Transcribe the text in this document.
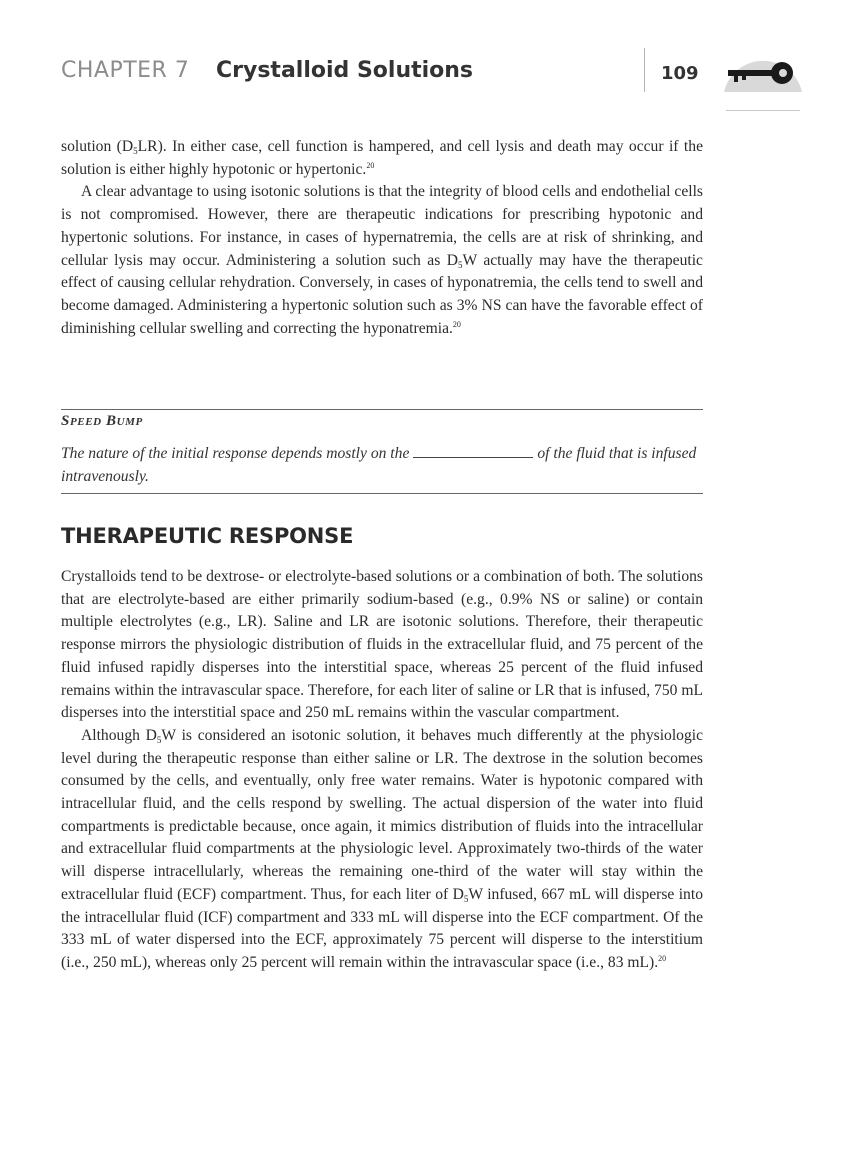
CHAPTER 7 Crystalloid Solutions	109

solution $(D_5LR)$. In either case, cell function is hampered, and cell lysis and death may occur if the solution is either highly hypotonic or hypertonic.$^{20}$

A clear advantage to using isotonic solutions is that the integrity of blood cells and endothelial cells is not compromised. However, there are therapeutic indications for prescribing hypotonic and hypertonic solutions. For instance, in cases of hypernatremia, the cells are at risk of shrinking, and cellular lysis may occur. Administering a solution such as $D_5W$ actually may have the therapeutic effect of causing cellular rehydration. Conversely, in cases of hyponatremia, the cells tend to swell and become damaged. Administering a hypertonic solution such as 3% NS can have the favorable effect of diminishing cellular swelling and correcting the hyponatremia.$^{20}$

Speed Bump
The nature of the initial response depends mostly on the	of the fluid that is infused intravenously.
THERAPEUTIC RESPONSE

Crystalloids tend to be dextrose- or electrolyte-based solutions or a combination of both. The solutions that are electrolyte-based are either primarily sodium-based (e.g., 0.9% NS or saline) or contain multiple electrolytes (e.g., LR). Saline and LR are isotonic solutions. Therefore, their therapeutic response mirrors the physiologic distribution of fluids in the extracellular fluid, and 75 percent of the fluid infused rapidly disperses into the interstitial space, whereas 25 percent of the fluid infused remains within the intravascular space. Therefore, for each liter of saline or LR that is infused, 750 mL disperses into the interstitial space and 250 mL remains within the vascular compartment.

Although $D_5W$ is considered an isotonic solution, it behaves much differently at the physiologic level during the therapeutic response than either saline or LR. The dextrose in the solution becomes consumed by the cells, and eventually, only free water remains. Water is hypotonic compared with intracellular fluid, and the cells respond by swelling. The actual dispersion of the water into fluid compartments is predictable because, once again, it mimics distribution of fluids into the intracellular and extracellular fluid compartments at the physiologic level. Approximately two-thirds of the water will disperse intracellularly, whereas the remaining one-third of the water will stay within the extracellular fluid (ECF) compartment. Thus, for each liter of $D_5W$ infused, 667 mL will disperse into the intracellular fluid (ICF) compartment and 333 mL will disperse into the ECF compartment. Of the 333 mL of water dispersed into the ECF, approximately 75 percent will disperse to the interstitium (i.e., 250 mL), whereas only 25 percent will remain within the intravascular space (i.e., 83 mL).$^{20}$
